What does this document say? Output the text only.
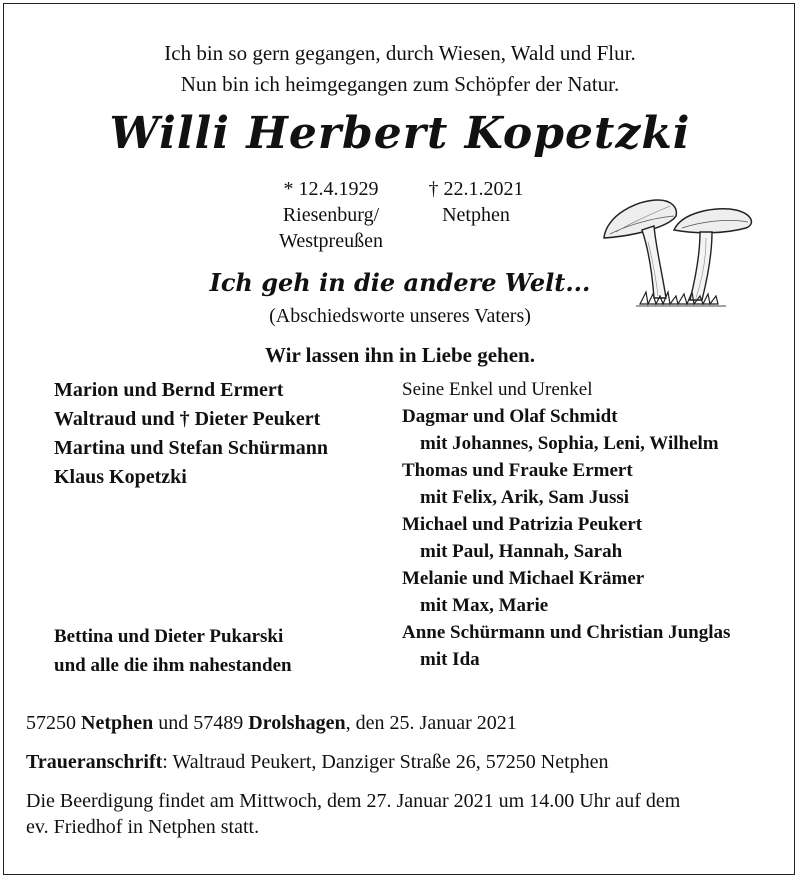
Ich bin so gern gegangen, durch Wiesen, Wald und Flur.
Nun bin ich heimgegangen zum Schöpfer der Natur.
Willi Herbert Kopetzki
* 12.4.1929
Riesenburg/
Westpreußen
† 22.1.2021
Netphen
Ich geh in die andere Welt...
(Abschiedsworte unseres Vaters)
Wir lassen ihn in Liebe gehen.
Marion und Bernd Ermert
Waltraud und † Dieter Peukert
Martina und Stefan Schürmann
Klaus Kopetzki
Bettina und Dieter Pukarski
und alle die ihm nahestanden
Seine Enkel und Urenkel
Dagmar und Olaf Schmidt
mit Johannes, Sophia, Leni, Wilhelm
Thomas und Frauke Ermert
mit Felix, Arik, Sam Jussi
Michael und Patrizia Peukert
mit Paul, Hannah, Sarah
Melanie und Michael Krämer
mit Max, Marie
Anne Schürmann und Christian Junglas
mit Ida
57250 Netphen und 57489 Drolshagen, den 25. Januar 2021
Traueranschrift: Waltraud Peukert, Danziger Straße 26, 57250 Netphen
Die Beerdigung findet am Mittwoch, dem 27. Januar 2021 um 14.00 Uhr auf dem
ev. Friedhof in Netphen statt.
